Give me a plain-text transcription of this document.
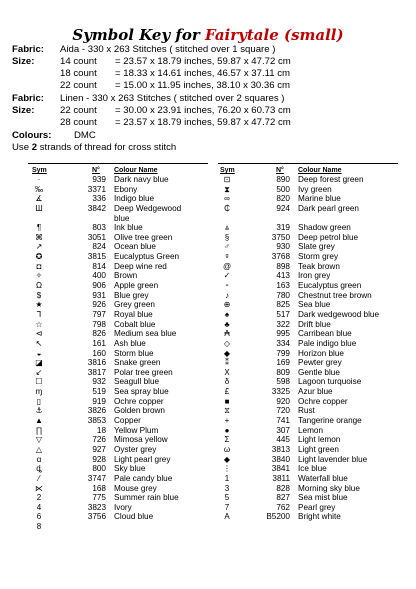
Symbol Key for Fairytale (small)
Fabric: Aida - 330 x 263 Stitches ( stitched over 1 square )
Size:	14 count = 23.57 x 18.79 inches, 59.87 x 47.72 cm
18 count = 18.33 x 14.61 inches, 46.57 x 37.11 cm
22 count = 15.00 x 11.95 inches, 38.10 x 30.36 cm
Fabric: Linen - 330 x 263 Stitches ( stitched over 2 squares )
Size:	22 count = 30.00 x 23.91 inches, 76.20 x 60.73 cm
28 count = 23.57 x 18.79 inches, 59.87 x 47.72 cm
Colours: DMC
Use 2 strands of thread for cross stitch
Sym	N° Colour Name
·	939 Dark navy blue
‰	3371 Ebony
∡	336 Indigo blue
Ш	3842 Deep Wedgewood
blue
¶	803 Ink blue
⌘	3051 Olive tree green
↗	824 Ocean blue
✪	3815 Eucalyptus Green
◘	814 Deep wine red
✧	400 Brown
Ω	906 Apple green
$	931 Blue grey
★	926 Grey green
⅂	797 Royal blue
☆	798 Cobalt blue
⊲	826 Medium sea blue
↖	161 Ash blue
◒	160 Storm blue
◪	3816 Snake green
↙	3817 Polar tree green
☐	932 Seagull blue
ɱ	519 Sea spray blue
▯	919 Ochre copper
⚓	3826 Golden brown
▲	3853 Copper
∏	18 Yellow Plum
▽	726 Mimosa yellow
△	927 Oyster grey
ɑ	928 Light pearl grey
ȡ	800 Sky blue
⁄	3747 Pale candy blue
⋉	168 Mouse grey
2	775 Summer rain blue
4	3823 Ivory
6	3756 Cloud blue
8
Sym	N° Colour Name
⊡	890 Deep forest green
⧗	500 Ivy green
∞	820 Marine blue
₵	924 Dark pearl green
⩓	319 Shadow green
§	3750 Deep petrol blue
♂	930 Slate grey
ᶢ	3768 Storm grey
@	898 Teak brown
✓	413 Iron grey
⁃	163 Eucalyptus green
♪	780 Chestnut tree brown
⊕	825 Sea blue
♠	517 Dark wedgewood blue
♣	322 Drift blue
₳	995 Carribean blue
◇	334 Pale indigo blue
◆	799 Horizon blue
⁑	169 Pewter grey
X	809 Gentle blue
δ	598 Lagoon turquoise
£	3325 Azur blue
■	920 Ochre copper
⧖	720 Rust
+	741 Tangerine orange
●	307 Lemon
Σ	445 Light lemon
ω	3813 Light green
◆	3840 Light lavender blue
⋮	3841 Ice blue
1	3811 Waterfall blue
3	828 Morning sky blue
5	827 Sea mist blue
7	762 Pearl grey
A	B5200 Bright white
